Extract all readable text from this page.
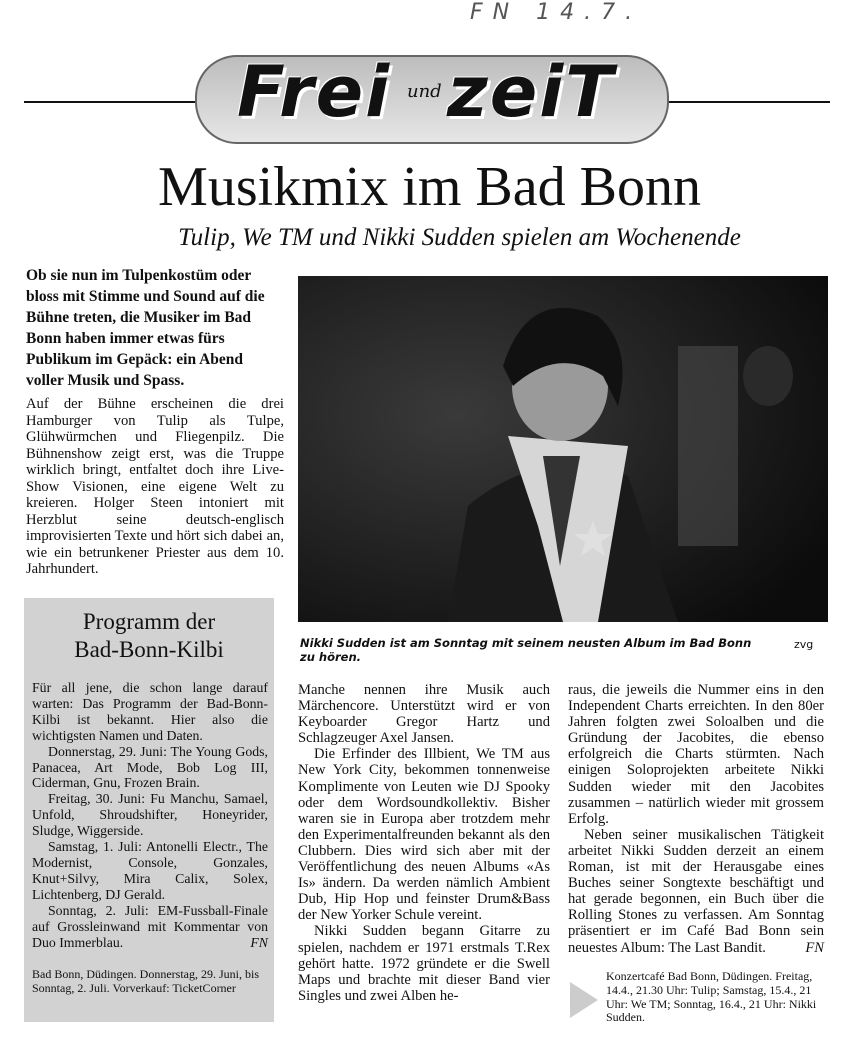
FN 14.7.
Frei und zeiT
Musikmix im Bad Bonn
Tulip, We TM und Nikki Sudden spielen am Wochenende
Ob sie nun im Tulpenkostüm oder bloss mit Stimme und Sound auf die Bühne treten, die Musiker im Bad Bonn haben immer etwas fürs Publikum im Gepäck: ein Abend voller Musik und Spass.
Auf der Bühne erscheinen die drei Hamburger von Tulip als Tulpe, Glühwürmchen und Fliegenpilz. Die Bühnenshow zeigt erst, was die Truppe wirklich bringt, entfaltet doch ihre Live-Show Visionen, eine eigene Welt zu kreieren. Holger Steen intoniert mit Herzblut seine deutsch-englisch improvisierten Texte und hört sich dabei an, wie ein betrunkener Priester aus dem 10. Jahrhundert.
Nikki Sudden ist am Sonntag mit seinem neusten Album im Bad Bonn zu hören.
zvg
Programm der
Bad-Bonn-Kilbi

Für all jene, die schon lange darauf warten: Das Programm der Bad-Bonn-Kilbi ist bekannt. Hier also die wichtigsten Namen und Daten.

Donnerstag, 29. Juni: The Young Gods, Panacea, Art Mode, Bob Log III, Ciderman, Gnu, Frozen Brain.

Freitag, 30. Juni: Fu Manchu, Samael, Unfold, Shroudshifter, Honeyrider, Sludge, Wiggerside.

Samstag, 1. Juli: Antonelli Electr., The Modernist, Console, Gonzales, Knut+Silvy, Mira Calix, Solex, Lichtenberg, DJ Gerald.

Sonntag, 2. Juli: EM-Fussball-Finale auf Grossleinwand mit Kommentar von Duo Immerblau.	FN

Bad Bonn, Düdingen. Donnerstag, 29. Juni, bis Sonntag, 2. Juli. Vorverkauf: TicketCorner

Manche nennen ihre Musik auch Märchencore. Unterstützt wird er von Keyboarder Gregor Hartz und Schlagzeuger Axel Jansen.

Die Erfinder des Illbient, We TM aus New York City, bekommen tonnenweise Komplimente von Leuten wie DJ Spooky oder dem Wordsoundkollektiv. Bisher waren sie in Europa aber trotzdem mehr den Experimentalfreunden bekannt als den Clubbern. Dies wird sich aber mit der Veröffentlichung des neuen Albums «As Is» ändern. Da werden nämlich Ambient Dub, Hip Hop und feinster Drum&Bass der New Yorker Schule vereint.

Nikki Sudden begann Gitarre zu spielen, nachdem er 1971 erstmals T.Rex gehört hatte. 1972 gründete er die Swell Maps und brachte mit dieser Band vier Singles und zwei Alben he-

raus, die jeweils die Nummer eins in den Independent Charts erreichten. In den 80er Jahren folgten zwei Soloalben und die Gründung der Jacobites, die ebenso erfolgreich die Charts stürmten. Nach einigen Soloprojekten arbeitete Nikki Sudden wieder mit den Jacobites zusammen – natürlich wieder mit grossem Erfolg.

Neben seiner musikalischen Tätigkeit arbeitet Nikki Sudden derzeit an einem Roman, ist mit der Herausgabe eines Buches seiner Songtexte beschäftigt und hat gerade begonnen, ein Buch über die Rolling Stones zu verfassen. Am Sonntag präsentiert er im Café Bad Bonn sein neuestes Album: The Last Bandit.	FN

Konzertcafé Bad Bonn, Düdingen. Freitag, 14.4., 21.30 Uhr: Tulip; Samstag, 15.4., 21 Uhr: We TM; Sonntag, 16.4., 21 Uhr: Nikki Sudden.
